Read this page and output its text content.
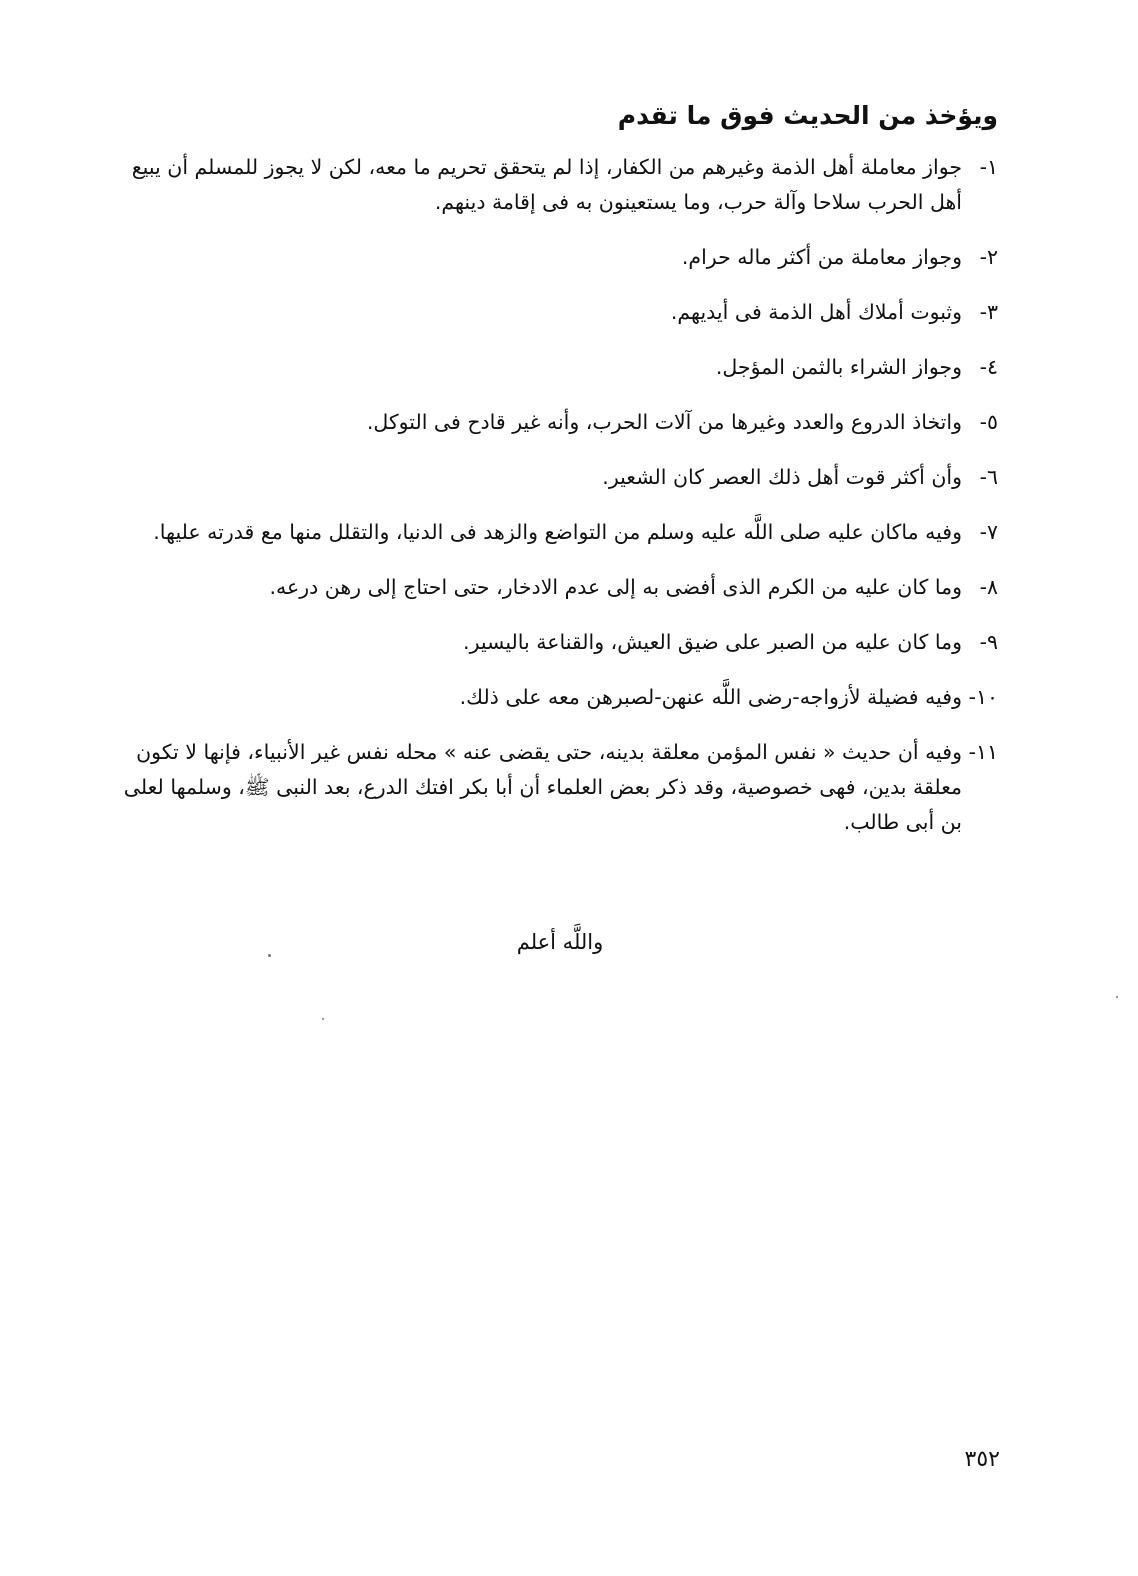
ويؤخذ من الحديث فوق ما تقدم
١-
جواز معاملة أهل الذمة وغيرهم من الكفار، إذا لم يتحقق تحريم ما معه، لكن لا يجوز للمسلم أن يبيع أهل الحرب سلاحا وآلة حرب، وما يستعينون به فى إقامة دينهم.
٢-
وجواز معاملة من أكثر ماله حرام.
٣-
وثبوت أملاك أهل الذمة فى أيديهم.
٤-
وجواز الشراء بالثمن المؤجل.
٥-
واتخاذ الدروع والعدد وغيرها من آلات الحرب، وأنه غير قادح فى التوكل.
٦-
وأن أكثر قوت أهل ذلك العصر كان الشعير.
٧-
وفيه ماكان عليه صلى اللَّه عليه وسلم من التواضع والزهد فى الدنيا، والتقلل منها مع قدرته عليها.
٨-
وما كان عليه من الكرم الذى أفضى به إلى عدم الادخار، حتى احتاج إلى رهن درعه.
٩-
وما كان عليه من الصبر على ضيق العيش، والقناعة باليسير.
١٠-
وفيه فضيلة لأزواجه-رضى اللَّه عنهن-لصبرهن معه على ذلك.
١١-
وفيه أن حديث « نفس المؤمن معلقة بدينه، حتى يقضى عنه » محله نفس غير الأنبياء، فإنها لا تكون معلقة بدين، فهى خصوصية، وقد ذكر بعض العلماء أن أبا بكر افتك الدرع، بعد النبى ﷺ، وسلمها لعلى بن أبى طالب.
واللَّه أعلم
٣٥٢
